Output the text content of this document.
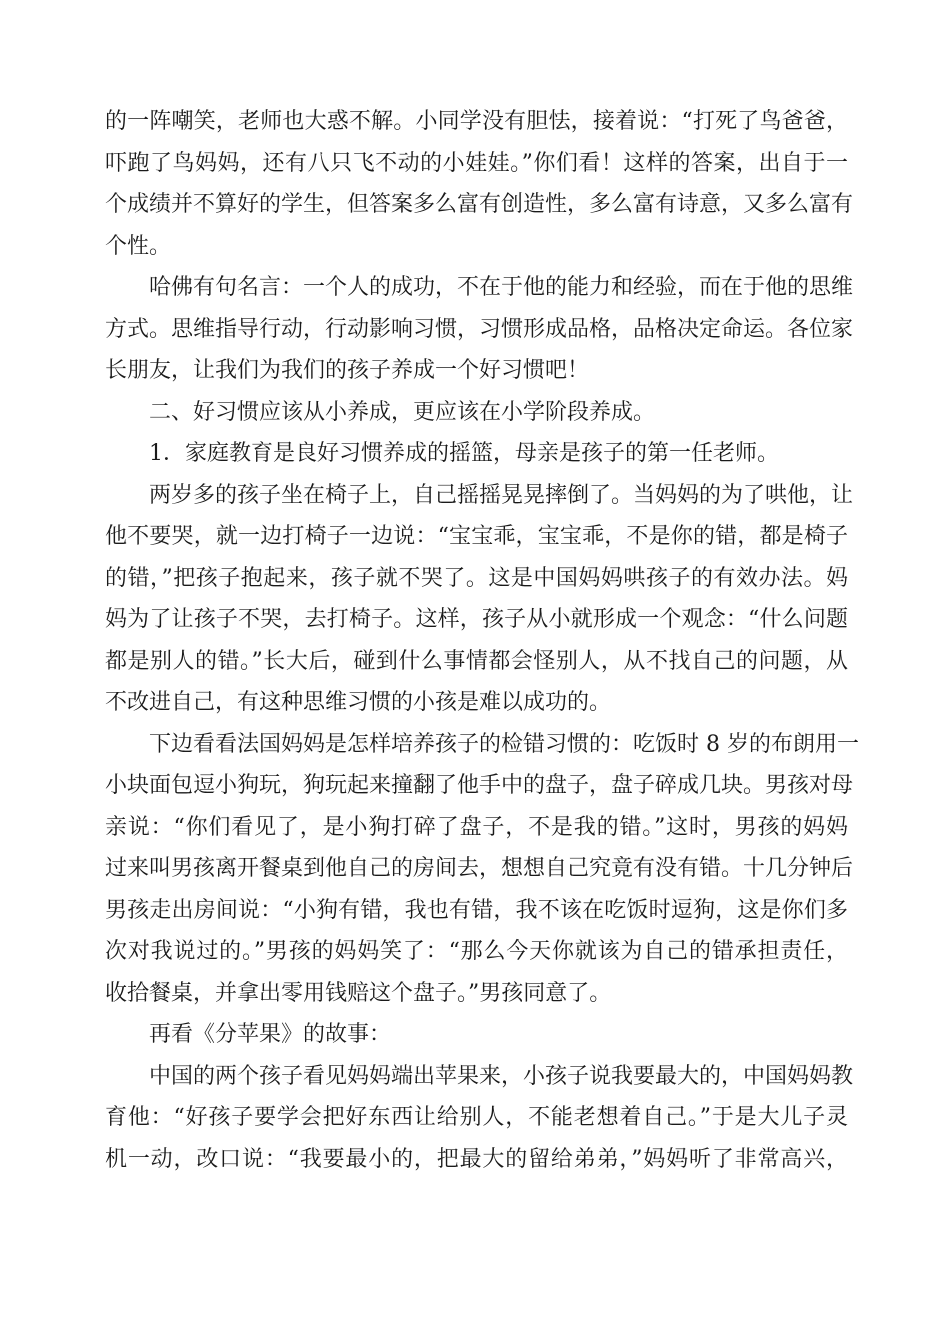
的一阵嘲笑，老师也大惑不解。小同学没有胆怯，接着说：“打死了鸟爸爸，
吓跑了鸟妈妈，还有八只飞不动的小娃娃。”你们看！这样的答案，出自于一
个成绩并不算好的学生，但答案多么富有创造性，多么富有诗意，又多么富有
个性。
哈佛有句名言：一个人的成功，不在于他的能力和经验，而在于他的思维
方式。思维指导行动，行动影响习惯，习惯形成品格，品格决定命运。各位家
长朋友，让我们为我们的孩子养成一个好习惯吧！
二、好习惯应该从小养成，更应该在小学阶段养成。
1．家庭教育是良好习惯养成的摇篮，母亲是孩子的第一任老师。
两岁多的孩子坐在椅子上，自己摇摇晃晃摔倒了。当妈妈的为了哄他，让
他不要哭，就一边打椅子一边说：“宝宝乖，宝宝乖，不是你的错，都是椅子
的错，”把孩子抱起来，孩子就不哭了。这是中国妈妈哄孩子的有效办法。妈
妈为了让孩子不哭，去打椅子。这样，孩子从小就形成一个观念：“什么问题
都是别人的错。”长大后，碰到什么事情都会怪别人，从不找自己的问题，从
不改进自己，有这种思维习惯的小孩是难以成功的。
下边看看法国妈妈是怎样培养孩子的检错习惯的：吃饭时 8 岁的布朗用一
小块面包逗小狗玩，狗玩起来撞翻了他手中的盘子，盘子碎成几块。男孩对母
亲说：“你们看见了，是小狗打碎了盘子，不是我的错。”这时，男孩的妈妈
过来叫男孩离开餐桌到他自己的房间去，想想自己究竟有没有错。十几分钟后
男孩走出房间说：“小狗有错，我也有错，我不该在吃饭时逗狗，这是你们多
次对我说过的。”男孩的妈妈笑了：“那么今天你就该为自己的错承担责任，
收拾餐桌，并拿出零用钱赔这个盘子。”男孩同意了。
再看《分苹果》的故事：
中国的两个孩子看见妈妈端出苹果来，小孩子说我要最大的，中国妈妈教
育他：“好孩子要学会把好东西让给别人，不能老想着自己。”于是大儿子灵
机一动，改口说：“我要最小的，把最大的留给弟弟，”妈妈听了非常高兴，
